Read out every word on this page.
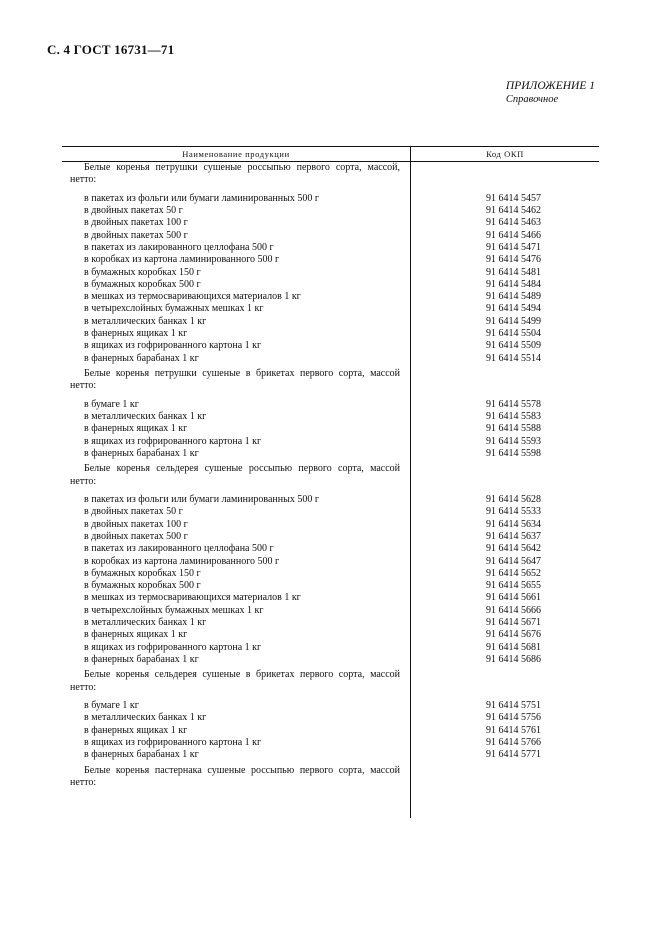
С. 4 ГОСТ 16731—71
ПРИЛОЖЕНИЕ 1
Справочное
Наименование продукции	Код ОКП
Белые коренья петрушки сушеные россыпью первого сорта, массой, нетто:
в пакетах из фольги или бумаги ламинированных 500 г	91 6414 5457
в двойных пакетах 50 г	91 6414 5462
в двойных пакетах 100 г	91 6414 5463
в двойных пакетах 500 г	91 6414 5466
в пакетах из лакированного целлофана 500 г	91 6414 5471
в коробках из картона ламинированного 500 г	91 6414 5476
в бумажных коробках 150 г	91 6414 5481
в бумажных коробках 500 г	91 6414 5484
в мешках из термосваривающихся материалов 1 кг	91 6414 5489
в четырехслойных бумажных мешках 1 кг	91 6414 5494
в металлических банках 1 кг	91 6414 5499
в фанерных ящиках 1 кг	91 6414 5504
в ящиках из гофрированного картона 1 кг	91 6414 5509
в фанерных барабанах 1 кг	91 6414 5514
Белые коренья петрушки сушеные в брикетах первого сорта, массой нетто:
в бумаге 1 кг	91 6414 5578
в металлических банках 1 кг	91 6414 5583
в фанерных ящиках 1 кг	91 6414 5588
в ящиках из гофрированного картона 1 кг	91 6414 5593
в фанерных барабанах 1 кг	91 6414 5598
Белые коренья сельдерея сушеные россыпью первого сорта, массой нетто:
в пакетах из фольги или бумаги ламинированных 500 г	91 6414 5628
в двойных пакетах 50 г	91 6414 5533
в двойных пакетах 100 г	91 6414 5634
в двойных пакетах 500 г	91 6414 5637
в пакетах из лакированного целлофана 500 г	91 6414 5642
в коробках из картона ламинированного 500 г	91 6414 5647
в бумажных коробках 150 г	91 6414 5652
в бумажных коробках 500 г	91 6414 5655
в мешках из термосваривающихся материалов 1 кг	91 6414 5661
в четырехслойных бумажных мешках 1 кг	91 6414 5666
в металлических банках 1 кг	91 6414 5671
в фанерных ящиках 1 кг	91 6414 5676
в ящиках из гофрированного картона 1 кг	91 6414 5681
в фанерных барабанах 1 кг	91 6414 5686
Белые коренья сельдерея сушеные в брикетах первого сорта, массой нетто:
в бумаге 1 кг	91 6414 5751
в металлических банках 1 кг	91 6414 5756
в фанерных ящиках 1 кг	91 6414 5761
в ящиках из гофрированного картона 1 кг	91 6414 5766
в фанерных барабанах 1 кг	91 6414 5771
Белые коренья пастернака сушеные россыпью первого сорта, массой нетто:
